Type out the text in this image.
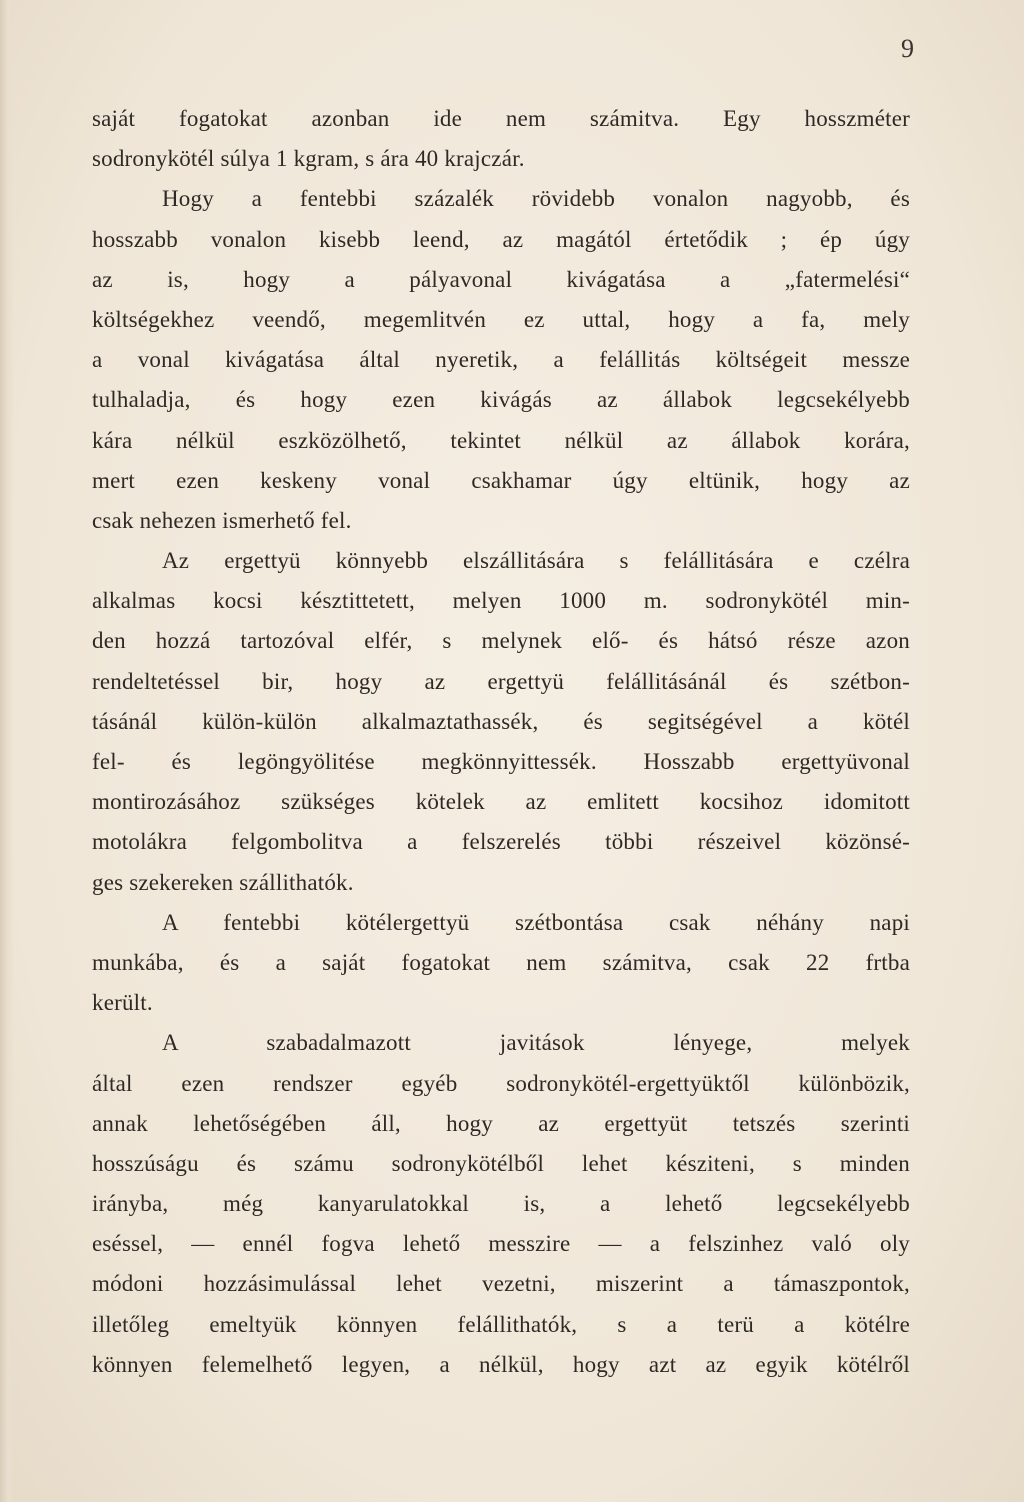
9
saját fogatokat azonban ide nem számitva. Egy hosszméter
sodronykötél súlya 1 kgram, s ára 40 krajczár.
Hogy a fentebbi százalék rövidebb vonalon nagyobb, és
hosszabb vonalon kisebb leend, az magától értetődik ; ép úgy
az is, hogy a pályavonal kivágatása a „fatermelési“
költségekhez veendő, megemlitvén ez uttal, hogy a fa, mely
a vonal kivágatása által nyeretik, a felállitás költségeit messze
tulhaladja, és hogy ezen kivágás az állabok legcsekélyebb
kára nélkül eszközölhető, tekintet nélkül az állabok korára,
mert ezen keskeny vonal csakhamar úgy eltünik, hogy az
csak nehezen ismerhető fel.
Az ergettyü könnyebb elszállitására s felállitására e czélra
alkalmas kocsi késztittetett, melyen 1000 m. sodronykötél min-
den hozzá tartozóval elfér, s melynek elő- és hátsó része azon
rendeltetéssel bir, hogy az ergettyü felállitásánál és szétbon-
tásánál külön-külön alkalmaztathassék, és segitségével a kötél
fel- és legöngyölitése megkönnyittessék. Hosszabb ergettyüvonal
montirozásához szükséges kötelek az emlitett kocsihoz idomitott
motolákra felgombolitva a felszerelés többi részeivel közönsé-
ges szekereken szállithatók.
A fentebbi kötélergettyü szétbontása csak néhány napi
munkába, és a saját fogatokat nem számitva, csak 22 frtba
került.
A szabadalmazott javitások lényege, melyek
által ezen rendszer egyéb sodronykötél-ergettyüktől különbözik,
annak lehetőségében áll, hogy az ergettyüt tetszés szerinti
hosszúságu és számu sodronykötélből lehet késziteni, s minden
irányba, még kanyarulatokkal is, a lehető legcsekélyebb
eséssel, — ennél fogva lehető messzire — a felszinhez való oly
módoni hozzásimulással lehet vezetni, miszerint a támaszpontok,
illetőleg emeltyük könnyen felállithatók, s a terü a kötélre
könnyen felemelhető legyen, a nélkül, hogy azt az egyik kötélről
